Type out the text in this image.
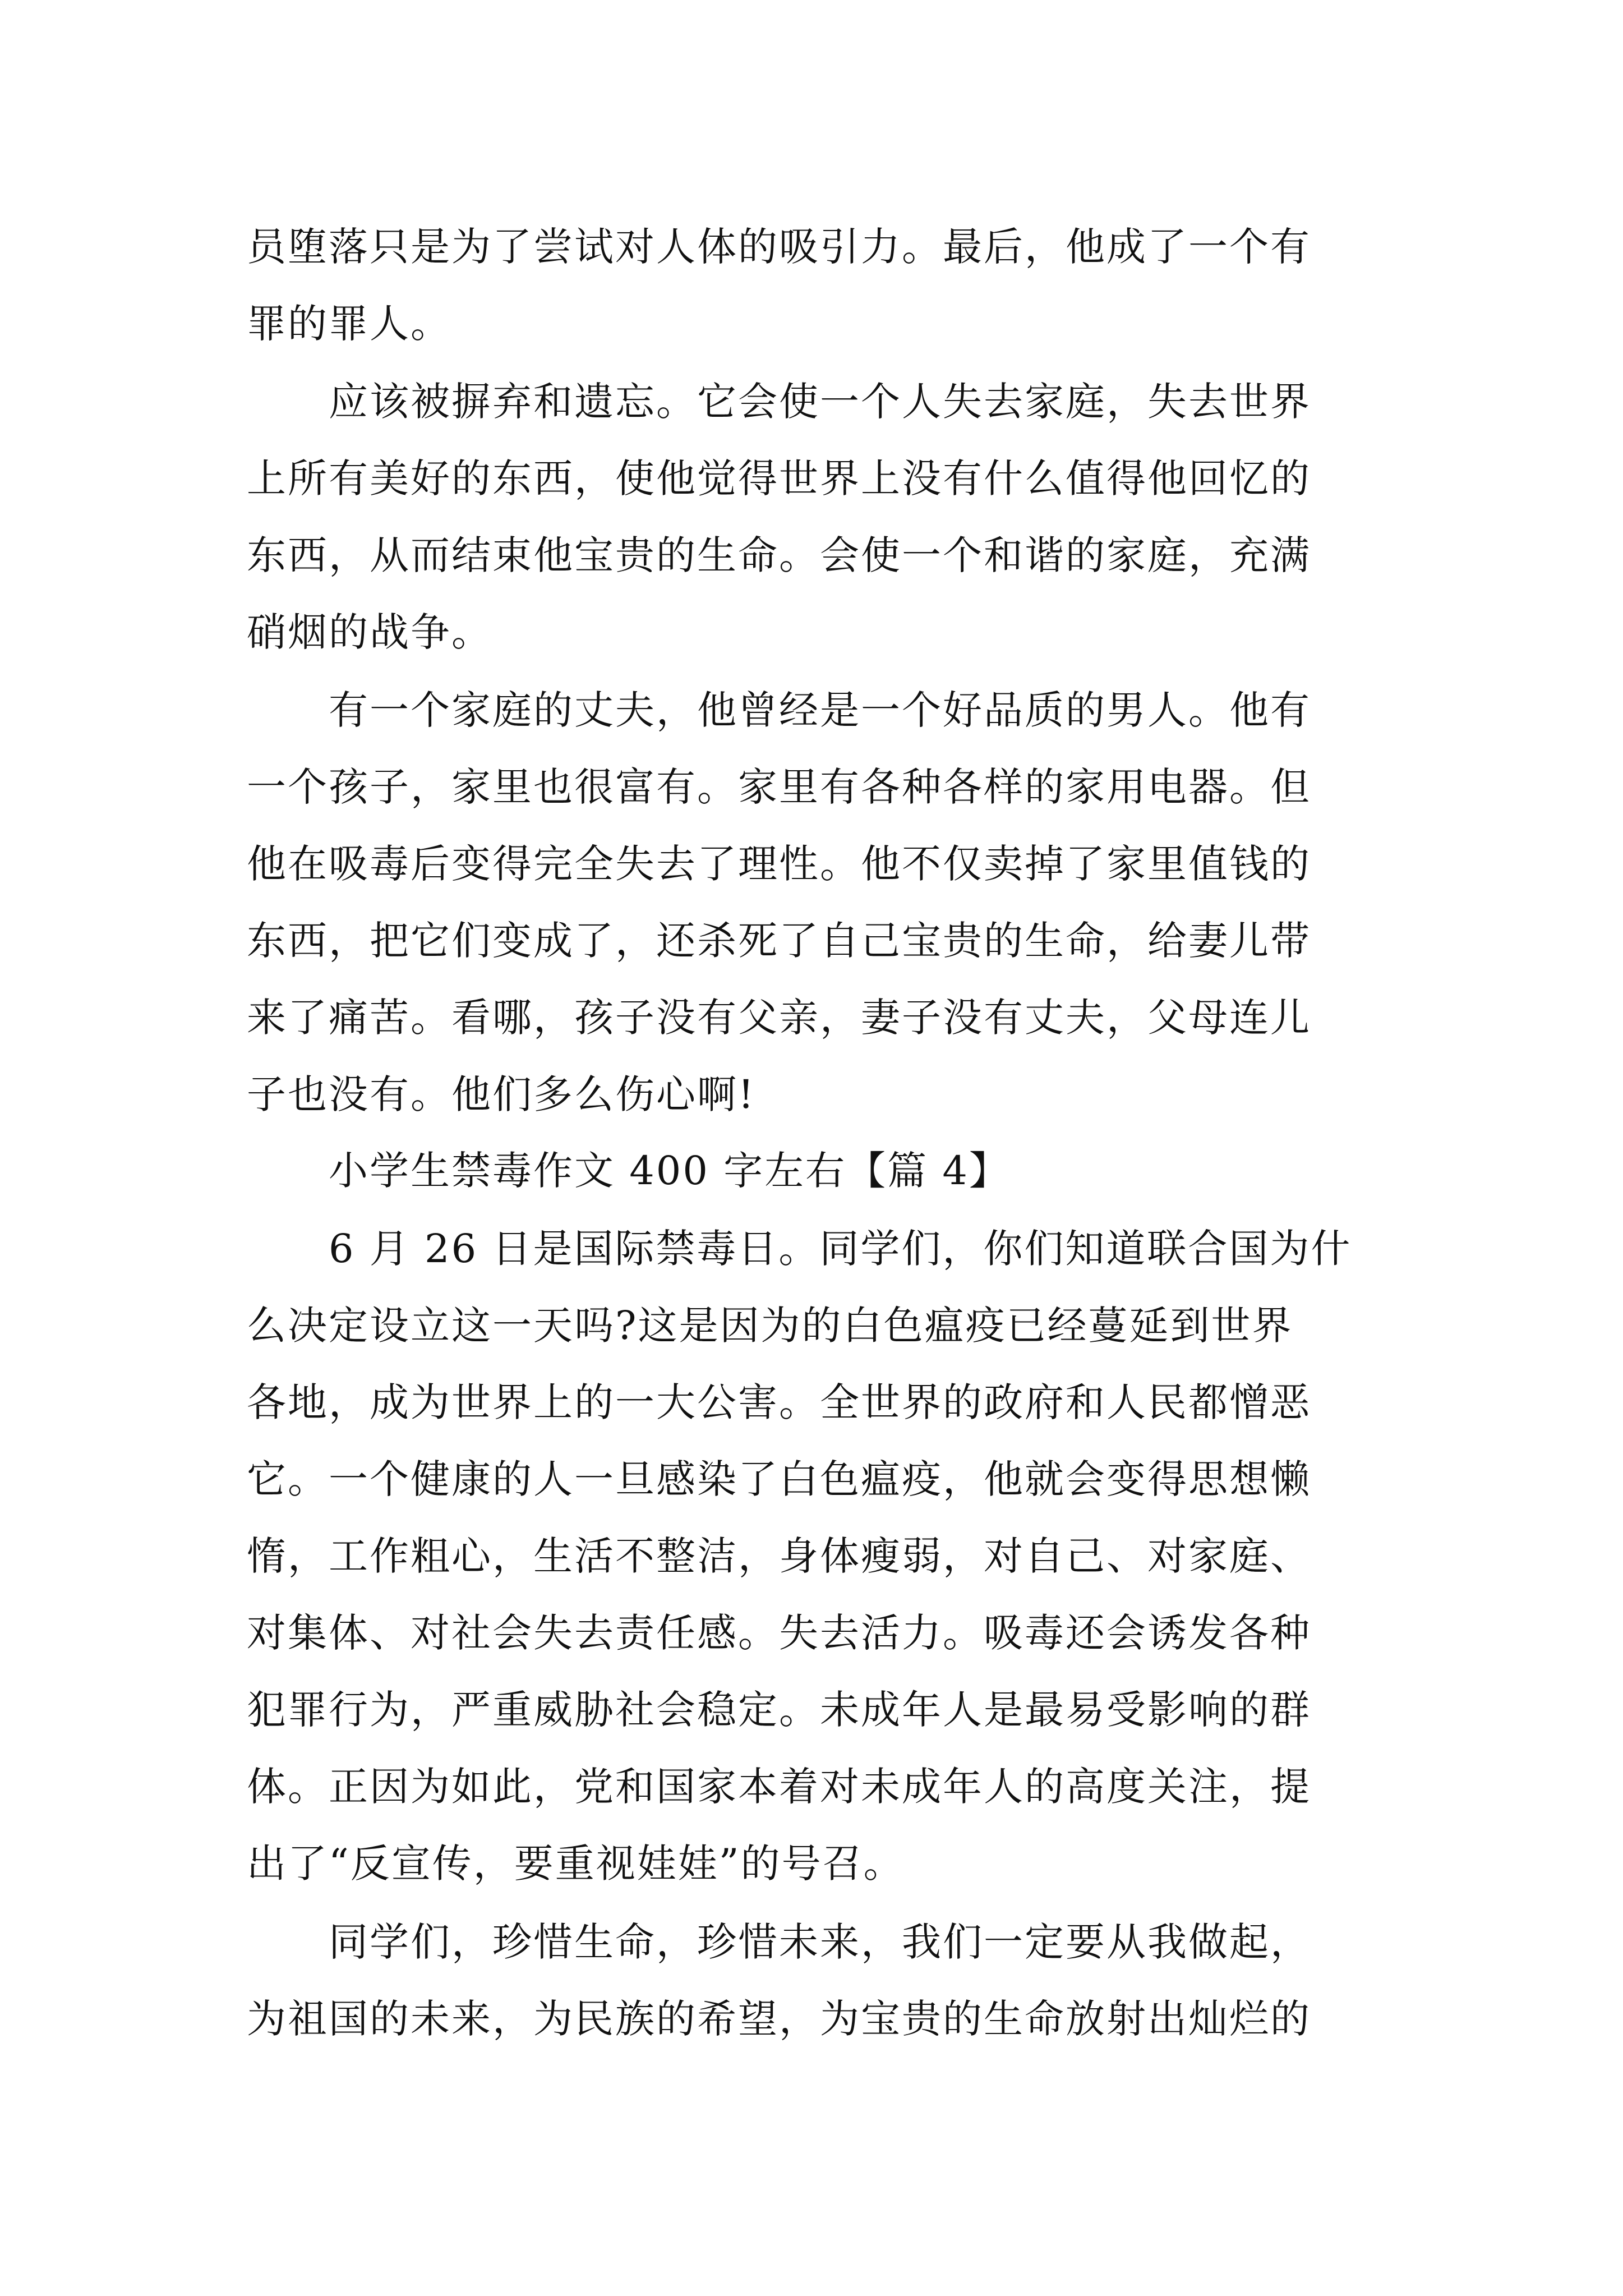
员堕落只是为了尝试对人体的吸引力。最后，他成了一个有
罪的罪人。
应该被摒弃和遗忘。它会使一个人失去家庭，失去世界
上所有美好的东西，使他觉得世界上没有什么值得他回忆的
东西，从而结束他宝贵的生命。会使一个和谐的家庭，充满
硝烟的战争。
有一个家庭的丈夫，他曾经是一个好品质的男人。他有
一个孩子，家里也很富有。家里有各种各样的家用电器。但
他在吸毒后变得完全失去了理性。他不仅卖掉了家里值钱的
东西，把它们变成了，还杀死了自己宝贵的生命，给妻儿带
来了痛苦。看哪，孩子没有父亲，妻子没有丈夫，父母连儿
子也没有。他们多么伤心啊!
小学生禁毒作文 400 字左右【篇 4】
6 月 26 日是国际禁毒日。同学们，你们知道联合国为什
么决定设立这一天吗?这是因为的白色瘟疫已经蔓延到世界
各地，成为世界上的一大公害。全世界的政府和人民都憎恶
它。一个健康的人一旦感染了白色瘟疫，他就会变得思想懒
惰，工作粗心，生活不整洁，身体瘦弱，对自己、对家庭、
对集体、对社会失去责任感。失去活力。吸毒还会诱发各种
犯罪行为，严重威胁社会稳定。未成年人是最易受影响的群
体。正因为如此，党和国家本着对未成年人的高度关注，提
出了“反宣传，要重视娃娃”的号召。
同学们，珍惜生命，珍惜未来，我们一定要从我做起，
为祖国的未来，为民族的希望，为宝贵的生命放射出灿烂的
